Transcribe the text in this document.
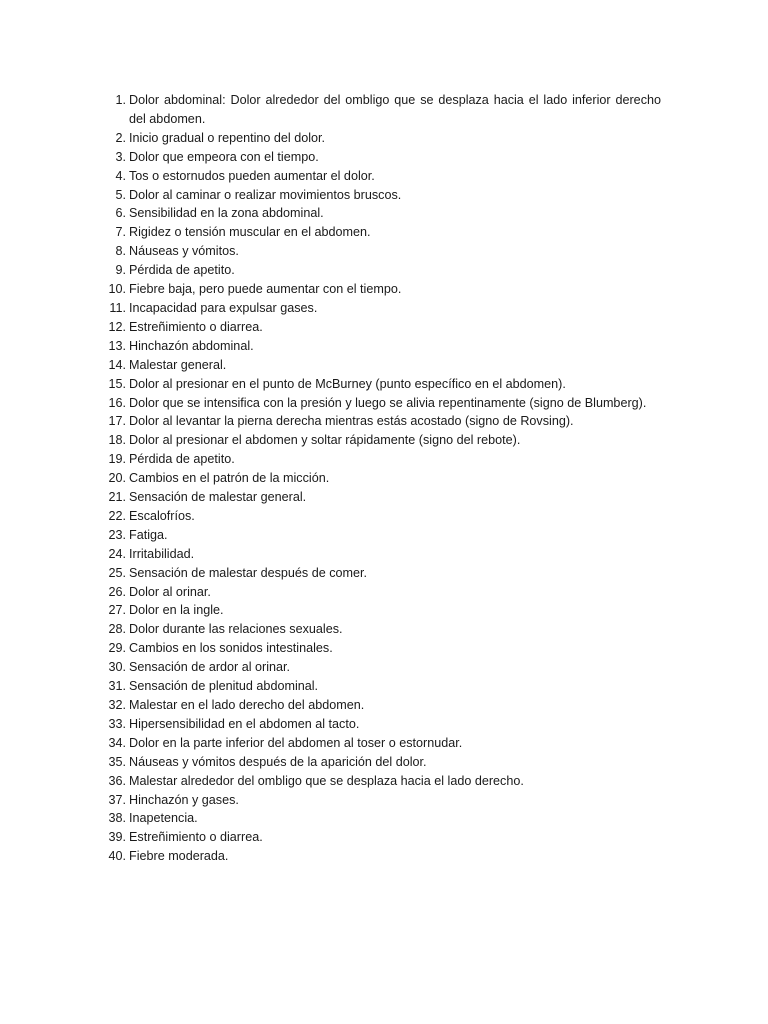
1. Dolor abdominal: Dolor alrededor del ombligo que se desplaza hacia el lado inferior derecho del abdomen.
2. Inicio gradual o repentino del dolor.
3. Dolor que empeora con el tiempo.
4. Tos o estornudos pueden aumentar el dolor.
5. Dolor al caminar o realizar movimientos bruscos.
6. Sensibilidad en la zona abdominal.
7. Rigidez o tensión muscular en el abdomen.
8. Náuseas y vómitos.
9. Pérdida de apetito.
10. Fiebre baja, pero puede aumentar con el tiempo.
11. Incapacidad para expulsar gases.
12. Estreñimiento o diarrea.
13. Hinchazón abdominal.
14. Malestar general.
15. Dolor al presionar en el punto de McBurney (punto específico en el abdomen).
16. Dolor que se intensifica con la presión y luego se alivia repentinamente (signo de Blumberg).
17. Dolor al levantar la pierna derecha mientras estás acostado (signo de Rovsing).
18. Dolor al presionar el abdomen y soltar rápidamente (signo del rebote).
19. Pérdida de apetito.
20. Cambios en el patrón de la micción.
21. Sensación de malestar general.
22. Escalofríos.
23. Fatiga.
24. Irritabilidad.
25. Sensación de malestar después de comer.
26. Dolor al orinar.
27. Dolor en la ingle.
28. Dolor durante las relaciones sexuales.
29. Cambios en los sonidos intestinales.
30. Sensación de ardor al orinar.
31. Sensación de plenitud abdominal.
32. Malestar en el lado derecho del abdomen.
33. Hipersensibilidad en el abdomen al tacto.
34. Dolor en la parte inferior del abdomen al toser o estornudar.
35. Náuseas y vómitos después de la aparición del dolor.
36. Malestar alrededor del ombligo que se desplaza hacia el lado derecho.
37. Hinchazón y gases.
38. Inapetencia.
39. Estreñimiento o diarrea.
40. Fiebre moderada.
